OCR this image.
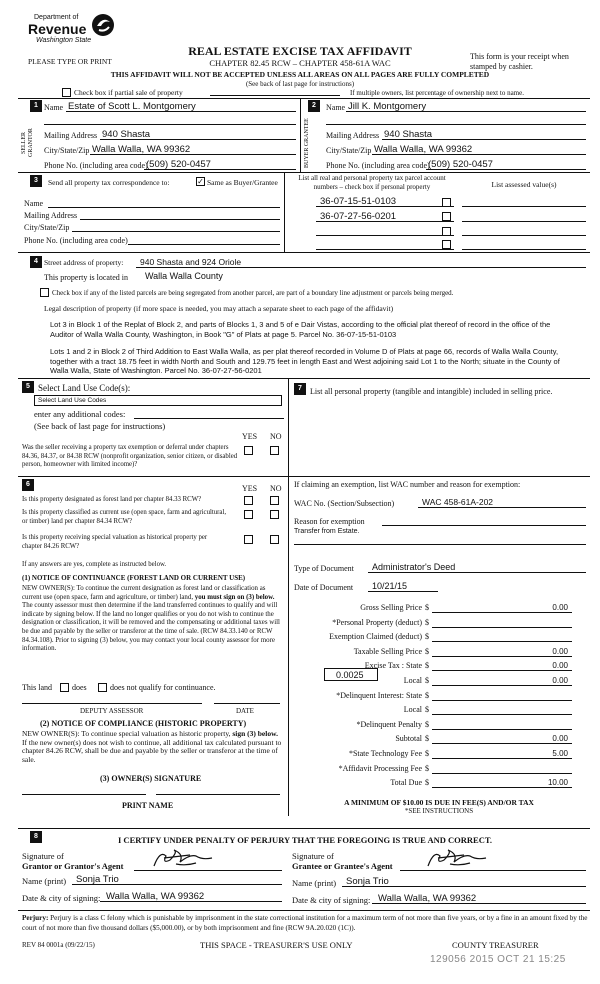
Department of
Revenue
Washington State
PLEASE TYPE OR PRINT
REAL ESTATE EXCISE TAX AFFIDAVIT
CHAPTER 82.45 RCW – CHAPTER 458-61A WAC
This form is your receipt when stamped by cashier.
THIS AFFIDAVIT WILL NOT BE ACCEPTED UNLESS ALL AREAS ON ALL PAGES ARE FULLY COMPLETED
(See back of last page for instructions)
Check box if partial sale of property	If multiple owners, list percentage of ownership next to name.
1
SELLER GRANTOR
Name Estate of Scott L. Montgomery
Mailing Address 940 Shasta
City/State/Zip Walla Walla, WA 99362
Phone No. (including area code)
(509) 520-0457
2
BUYER GRANTEE
Name Jill K. Montgomery
Mailing Address 940 Shasta
City/State/Zip Walla Walla, WA 99362
Phone No. (including area code)
(509) 520-0457
3	Send all property tax correspondence to:	✓ Same as Buyer/Grantee
Name
Mailing Address
City/State/Zip
Phone No. (including area code)
List all real and personal property tax parcel account numbers – check box if personal property	List assessed value(s)
36-07-15-51-0103
36-07-27-56-0201
4 Street address of property: 940 Shasta and 924 Oriole
This property is located in Walla Walla County
Check box if any of the listed parcels are being segregated from another parcel, are part of a boundary line adjustment or parcels being merged.
Legal description of property (if more space is needed, you may attach a separate sheet to each page of the affidavit)
Lot 3 in Block 1 of the Replat of Block 2, and parts of Blocks 1, 3 and 5 of e Dair Vistas, according to the official plat thereof of record in the office of the Auditor of Walla Walla County, Washington, in Book "G" of Plats at page 5. Parcel No. 36-07-15-51-0103
Lots 1 and 2 in Block 2 of Third Addition to East Walla Walla, as per plat thereof recorded in Volume D of Plats at page 66, records of Walla Walla County, together with a tract 18.75 feet in width North and South and 129.75 feet in length East and West adjoining said Lot 1 to the North; situate in the County of Walla Walla, State of Washington. Parcel No. 36-07-27-56-0201
5 Select Land Use Code(s):
Select Land Use Codes
enter any additional codes:
(See back of last page for instructions)
YES NO
Was the seller receiving a property tax exemption or deferral under chapters 84.36, 84.37, or 84.38 RCW (nonprofit organization, senior citizen, or disabled person, homeowner with limited income)?
7	List all personal property (tangible and intangible) included in selling price.
6	YES NO
Is this property designated as forest land per chapter 84.33 RCW?
Is this property classified as current use (open space, farm and agricultural, or timber) land per chapter 84.34 RCW?
Is this property receiving special valuation as historical property per chapter 84.26 RCW?
If any answers are yes, complete as instructed below.
(1) NOTICE OF CONTINUANCE (FOREST LAND OR CURRENT USE)
NEW OWNER(S): To continue the current designation as forest land or classification as current use (open space, farm and agriculture, or timber) land, you must sign on (3) below. The county assessor must then determine if the land transferred continues to qualify and will indicate by signing below. If the land no longer qualifies or you do not wish to continue the designation or classification, it will be removed and the compensating or additional taxes will be due and payable by the seller or transferor at the time of sale. (RCW 84.33.140 or RCW 84.34.108). Prior to signing (3) below, you may contact your local county assessor for more information.
This land	does	does not qualify for continuance.
DEPUTY ASSESSOR	DATE
(2) NOTICE OF COMPLIANCE (HISTORIC PROPERTY)
NEW OWNER(S): To continue special valuation as historic property, sign (3) below. If the new owner(s) does not wish to continue, all additional tax calculated pursuant to chapter 84.26 RCW, shall be due and payable by the seller or transferor at the time of sale.
(3) OWNER(S) SIGNATURE
PRINT NAME
If claiming an exemption, list WAC number and reason for exemption:
WAC No. (Section/Subsection)	WAC 458-61A-202
Reason for exemption
Transfer from Estate.
Type of Document Administrator's Deed
Date of Document 10/21/15
Gross Selling Price $	0.00
*Personal Property (deduct) $
Exemption Claimed (deduct) $
Taxable Selling Price $	0.00
Excise Tax : State $	0.00
Local $	0.00
*Delinquent Interest: State $
Local $
*Delinquent Penalty $
Subtotal $	0.00
*State Technology Fee $	5.00
*Affidavit Processing Fee $
Total Due $	10.00
0.0025
A MINIMUM OF $10.00 IS DUE IN FEE(S) AND/OR TAX
*SEE INSTRUCTIONS
8	I CERTIFY UNDER PENALTY OF PERJURY THAT THE FOREGOING IS TRUE AND CORRECT.
Signature of
Grantor or Grantor's Agent
Name (print) Sonja Trio
Date & city of signing: Walla Walla, WA 99362
Signature of
Grantee or Grantee's Agent
Name (print) Sonja Trio
Date & city of signing: Walla Walla, WA 99362
Perjury: Perjury is a class C felony which is punishable by imprisonment in the state correctional institution for a maximum term of not more than five years, or by a fine in an amount fixed by the court of not more than five thousand dollars ($5,000.00), or by both imprisonment and fine (RCW 9A.20.020 (1C)).
REV 84 0001a (09/22/15)	THIS SPACE - TREASURER'S USE ONLY	COUNTY TREASURER
129056 2015 OCT 21 15:25
